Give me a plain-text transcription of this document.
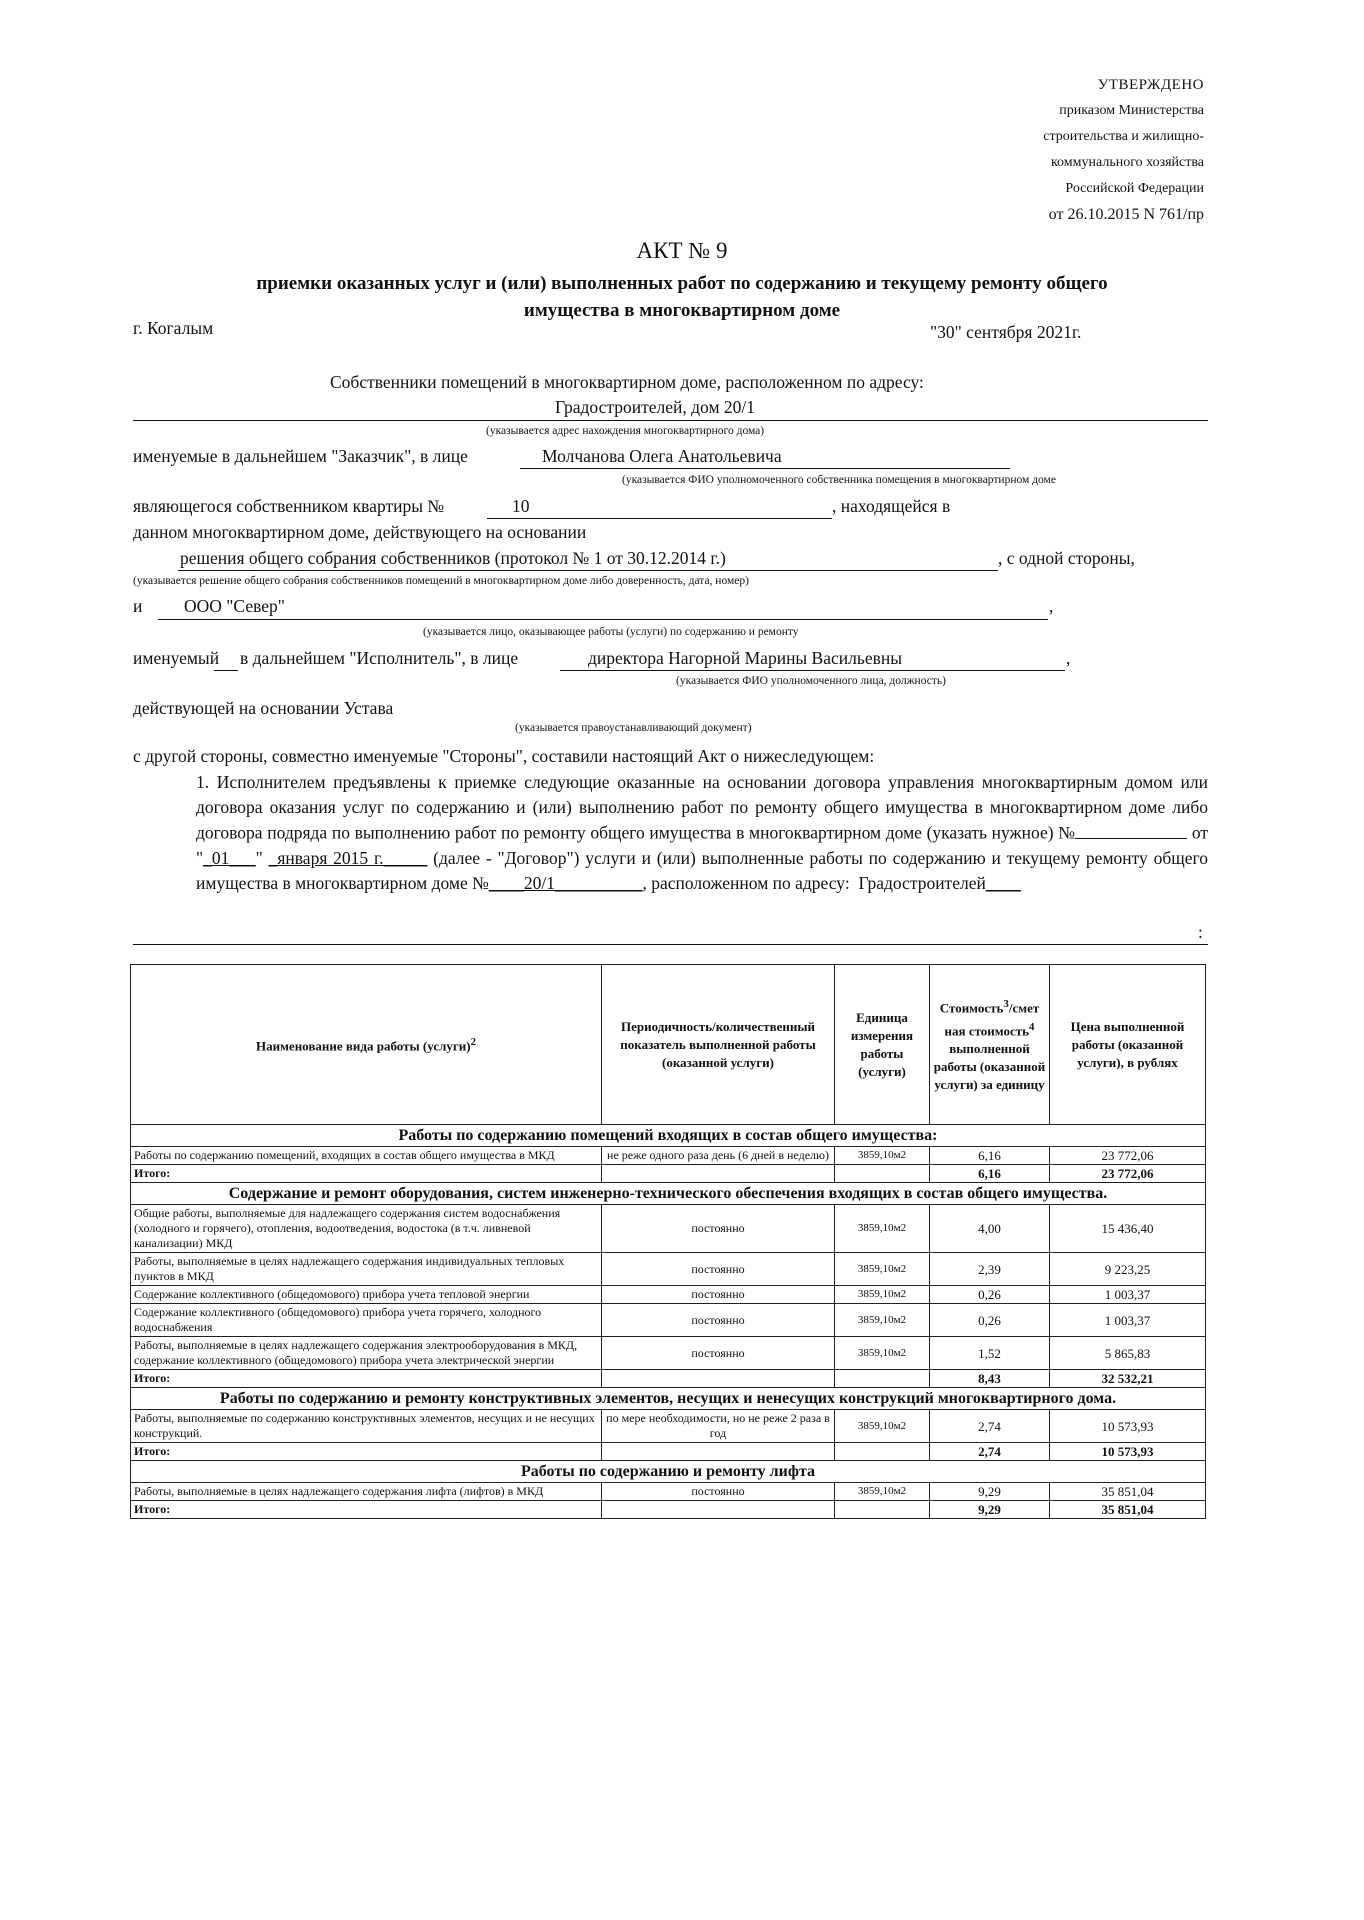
УТВЕРЖДЕНО
приказом Министерства
строительства и жилищно-
коммунального хозяйства
Российской Федерации
от 26.10.2015 N 761/пр
АКТ № 9
приемки оказанных услуг и (или) выполненных работ по содержанию и текущему ремонту общего
имущества в многоквартирном доме
г. Когалым	"30" сентября 2021г.
Собственники помещений в многоквартирном доме, расположенном по адресу:
Градостроителей, дом 20/1
(указывается адрес нахождения многоквартирного дома)
именуемые в дальнейшем "Заказчик", в лице	Молчанова Олега Анатольевича
(указывается ФИО уполномоченного собственника помещения в многоквартирном доме
являющегося собственником квартиры №	10	, находящейся в
данном многоквартирном доме, действующего на основании
решения общего собрания собственников (протокол № 1 от 30.12.2014 г.)	, с одной стороны,
(указывается решение общего собрания собственников помещений в многоквартирном доме либо доверенность, дата, номер)
и ООО "Север"	,
(указывается лицо, оказывающее работы (услуги) по содержанию и ремонту
именуемый в дальнейшем "Исполнитель", в лице	директора Нагорной Марины Васильевны	,
(указывается ФИО уполномоченного лица, должность)
действующей на основании Устава
(указывается правоустанавливающий документ)
с другой стороны, совместно именуемые "Стороны", составили настоящий Акт о нижеследующем:
1. Исполнителем предъявлены к приемке следующие оказанные на основании договора управления многоквартирным домом или договора оказания услуг по содержанию и (или) выполнению работ по ремонту общего имущества в многоквартирном доме либо договора подряда по выполнению работ по ремонту общего имущества в многоквартирном доме (указать нужное) №	от "_01___" _января 2015 г._____ (далее - "Договор") услуги и (или) выполненные работы по содержанию и текущему ремонту общего имущества в многоквартирном доме №____20/1__________, расположенном по адресу: Градостроителей____
:
Наименование вида работы (услуги)$^2$	Периодичность/количественный показатель выполненной работы (оказанной услуги)	Единица измерения работы (услуги)	Стоимость$^3$/смет ная стоимость$^4$ выполненной работы (оказанной услуги) за единицу	Цена выполненной работы (оказанной услуги), в рублях
Работы по содержанию помещений входящих в состав общего имущества:				
Работы по содержанию помещений, входящих в состав общего имущества в МКД	не реже одного раза день (6 дней в неделю)	3859,10м2	6,16	23 772,06
Итого:			6,16	23 772,06
Содержание и ремонт оборудования, систем инженерно-технического обеспечения входящих в состав общего имущества.				
Общие работы, выполняемые для надлежащего содержания систем водоснабжения (холодного и горячего), отопления, водоотведения, водостока (в т.ч. ливневой канализации) МКД	постоянно	3859,10м2	4,00	15 436,40
Работы, выполняемые в целях надлежащего содержания индивидуальных тепловых пунктов в МКД	постоянно	3859,10м2	2,39	9 223,25
Содержание коллективного (общедомового) прибора учета тепловой энергии	постоянно	3859,10м2	0,26	1 003,37
Содержание коллективного (общедомового) прибора учета горячего, холодного водоснабжения	постоянно	3859,10м2	0,26	1 003,37
Работы, выполняемые в целях надлежащего содержания электрооборудования в МКД, содержание коллективного (общедомового) прибора учета электрической энергии	постоянно	3859,10м2	1,52	5 865,83
Итого:			8,43	32 532,21
Работы по содержанию и ремонту конструктивных элементов, несущих и ненесущих конструкций многоквартирного дома.				
Работы, выполняемые по содержанию конструктивных элементов, несущих и не несущих конструкций.	по мере необходимости, но не реже 2 раза в год	3859,10м2	2,74	10 573,93
Итого:			2,74	10 573,93
Работы по содержанию и ремонту лифта				
Работы, выполняемые в целях надлежащего содержания лифта (лифтов) в МКД	постоянно	3859,10м2	9,29	35 851,04
Итого:			9,29	35 851,04
